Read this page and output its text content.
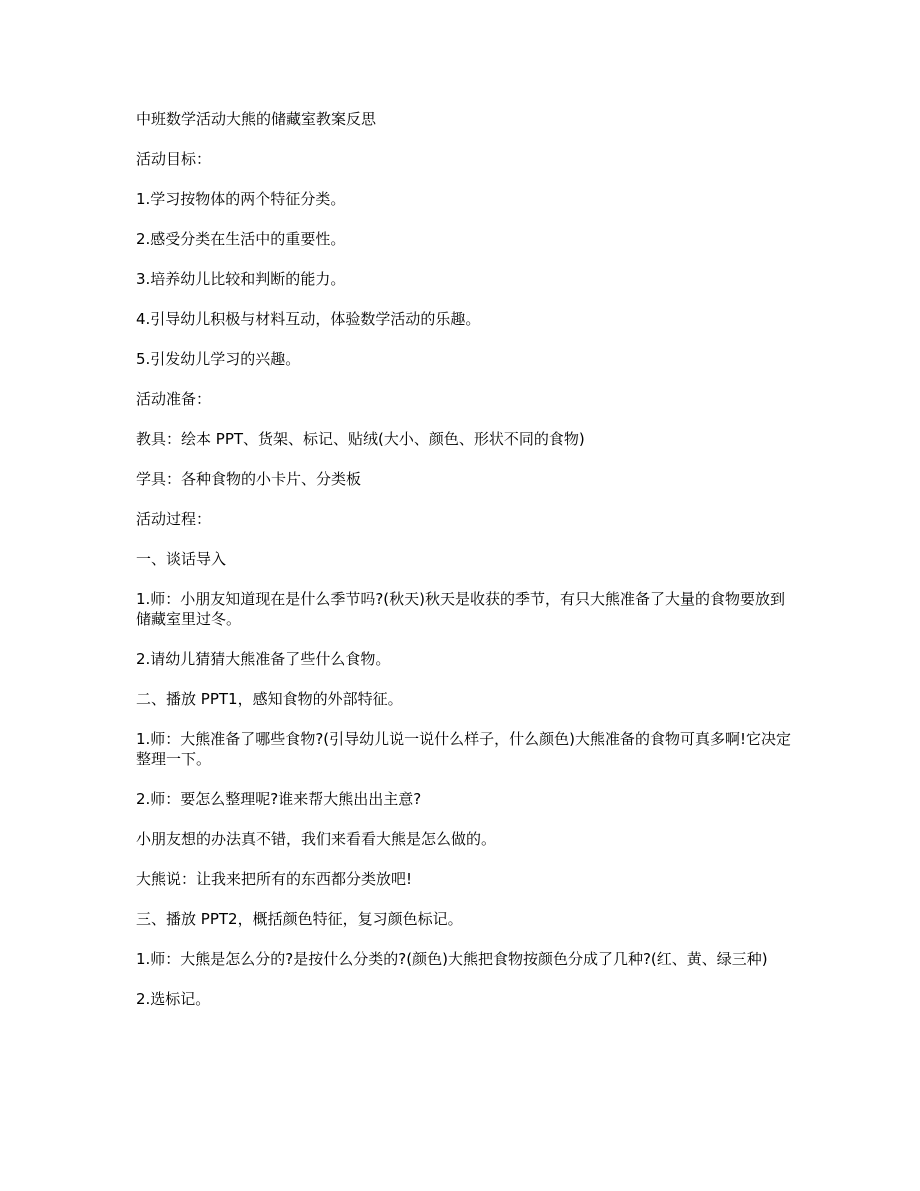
中班数学活动大熊的储藏室教案反思

活动目标：

1.学习按物体的两个特征分类。

2.感受分类在生活中的重要性。

3.培养幼儿比较和判断的能力。

4.引导幼儿积极与材料互动，体验数学活动的乐趣。

5.引发幼儿学习的兴趣。

活动准备：

教具：绘本 PPT、货架、标记、贴绒(大小、颜色、形状不同的食物)

学具：各种食物的小卡片、分类板

活动过程：

一、谈话导入

1.师：小朋友知道现在是什么季节吗?(秋天)秋天是收获的季节，有只大熊准备了大量的食物要放到储藏室里过冬。

2.请幼儿猜猜大熊准备了些什么食物。

二、播放 PPT1，感知食物的外部特征。

1.师：大熊准备了哪些食物?(引导幼儿说一说什么样子，什么颜色)大熊准备的食物可真多啊!它决定整理一下。

2.师：要怎么整理呢?谁来帮大熊出出主意?

小朋友想的办法真不错，我们来看看大熊是怎么做的。

大熊说：让我来把所有的东西都分类放吧!

三、播放 PPT2，概括颜色特征，复习颜色标记。

1.师：大熊是怎么分的?是按什么分类的?(颜色)大熊把食物按颜色分成了几种?(红、黄、绿三种)

2.选标记。
